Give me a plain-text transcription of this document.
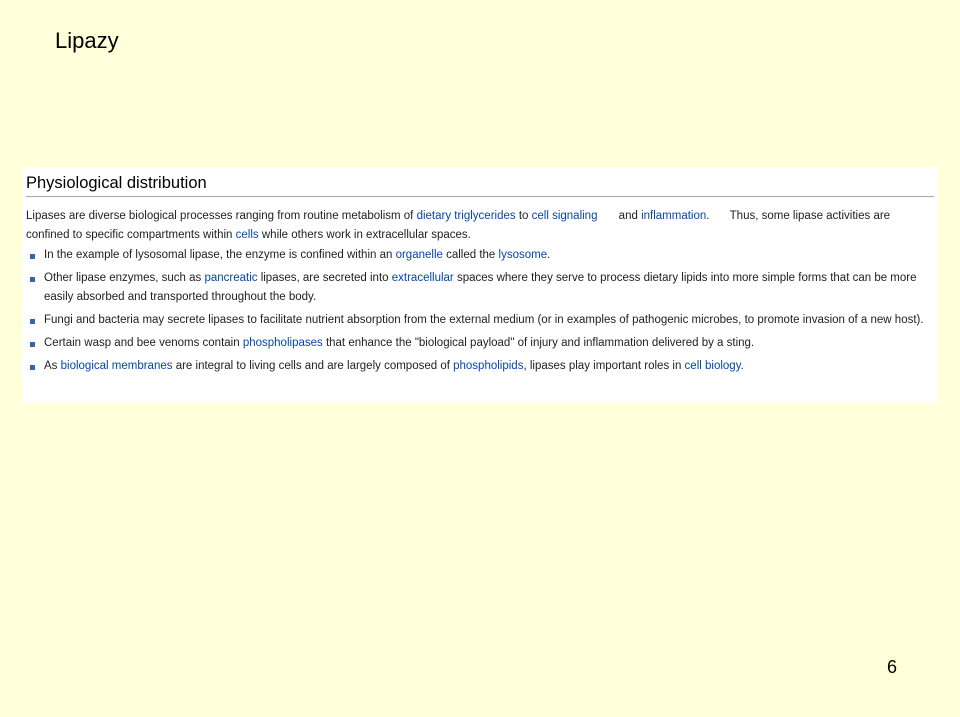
Lipazy
Physiological distribution

Lipases are diverse biological processes ranging from routine metabolism of dietary triglycerides to cell signaling and inflammation.  Thus, some lipase activities are confined to specific compartments within cells while others work in extracellular spaces.

In the example of lysosomal lipase, the enzyme is confined within an organelle called the lysosome.
Other lipase enzymes, such as pancreatic lipases, are secreted into extracellular spaces where they serve to process dietary lipids into more simple forms that can be more easily absorbed and transported throughout the body.
Fungi and bacteria may secrete lipases to facilitate nutrient absorption from the external medium (or in examples of pathogenic microbes, to promote invasion of a new host).
Certain wasp and bee venoms contain phospholipases that enhance the "biological payload" of injury and inflammation delivered by a sting.
As biological membranes are integral to living cells and are largely composed of phospholipids, lipases play important roles in cell biology.
6
